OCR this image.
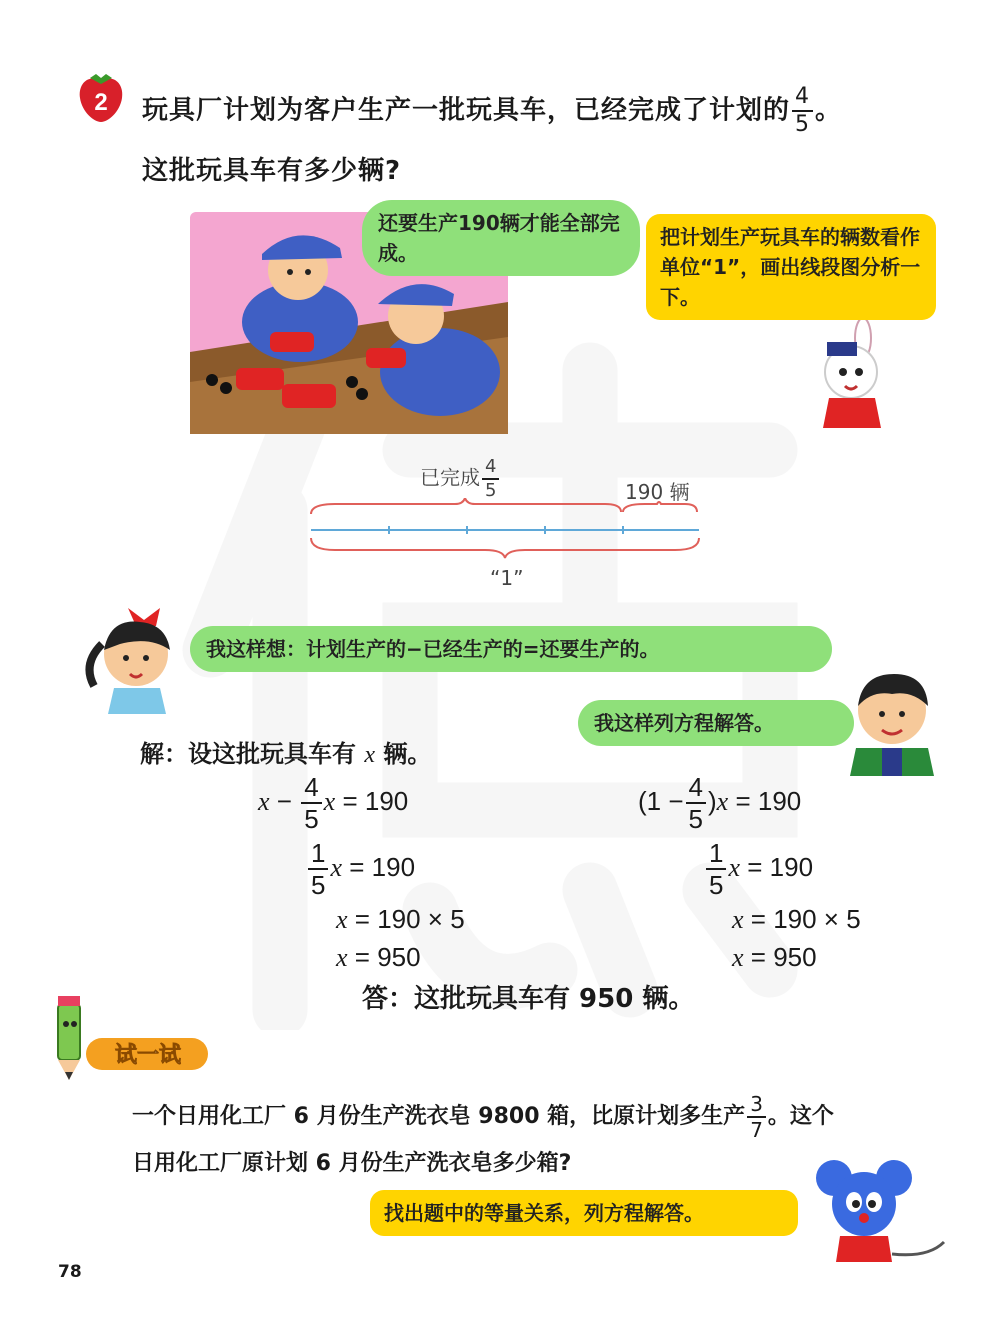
2 玩具厂计划为客户生产一批玩具车，已经完成了计划的 $\frac{4}{5}$ 。
这批玩具车有多少辆?
还要生产190辆才能全部完成。
把计划生产玩具车的辆数看作单位“1”，画出线段图分析一下。
已完成 $\frac{4}{5}$	190 辆
“1”
我这样想：计划生产的−已经生产的=还要生产的。
我这样列方程解答。
解：设这批玩具车有 x 辆。
$x - \frac{4}{5}$ x = 190
$\frac{1}{5}$ x = 190
x = 190 × 5
x = 950
$(1 - \frac{4}{5} )x = 190$
$\frac{1}{5}$ x = 190
x = 190 × 5
x = 950
答：这批玩具车有 950 辆。
试一试
一个日用化工厂 6 月份生产洗衣皂 9800 箱，比原计划多生产 $\frac{3}{7}$ 。这个
日用化工厂原计划 6 月份生产洗衣皂多少箱?
找出题中的等量关系，列方程解答。
78
